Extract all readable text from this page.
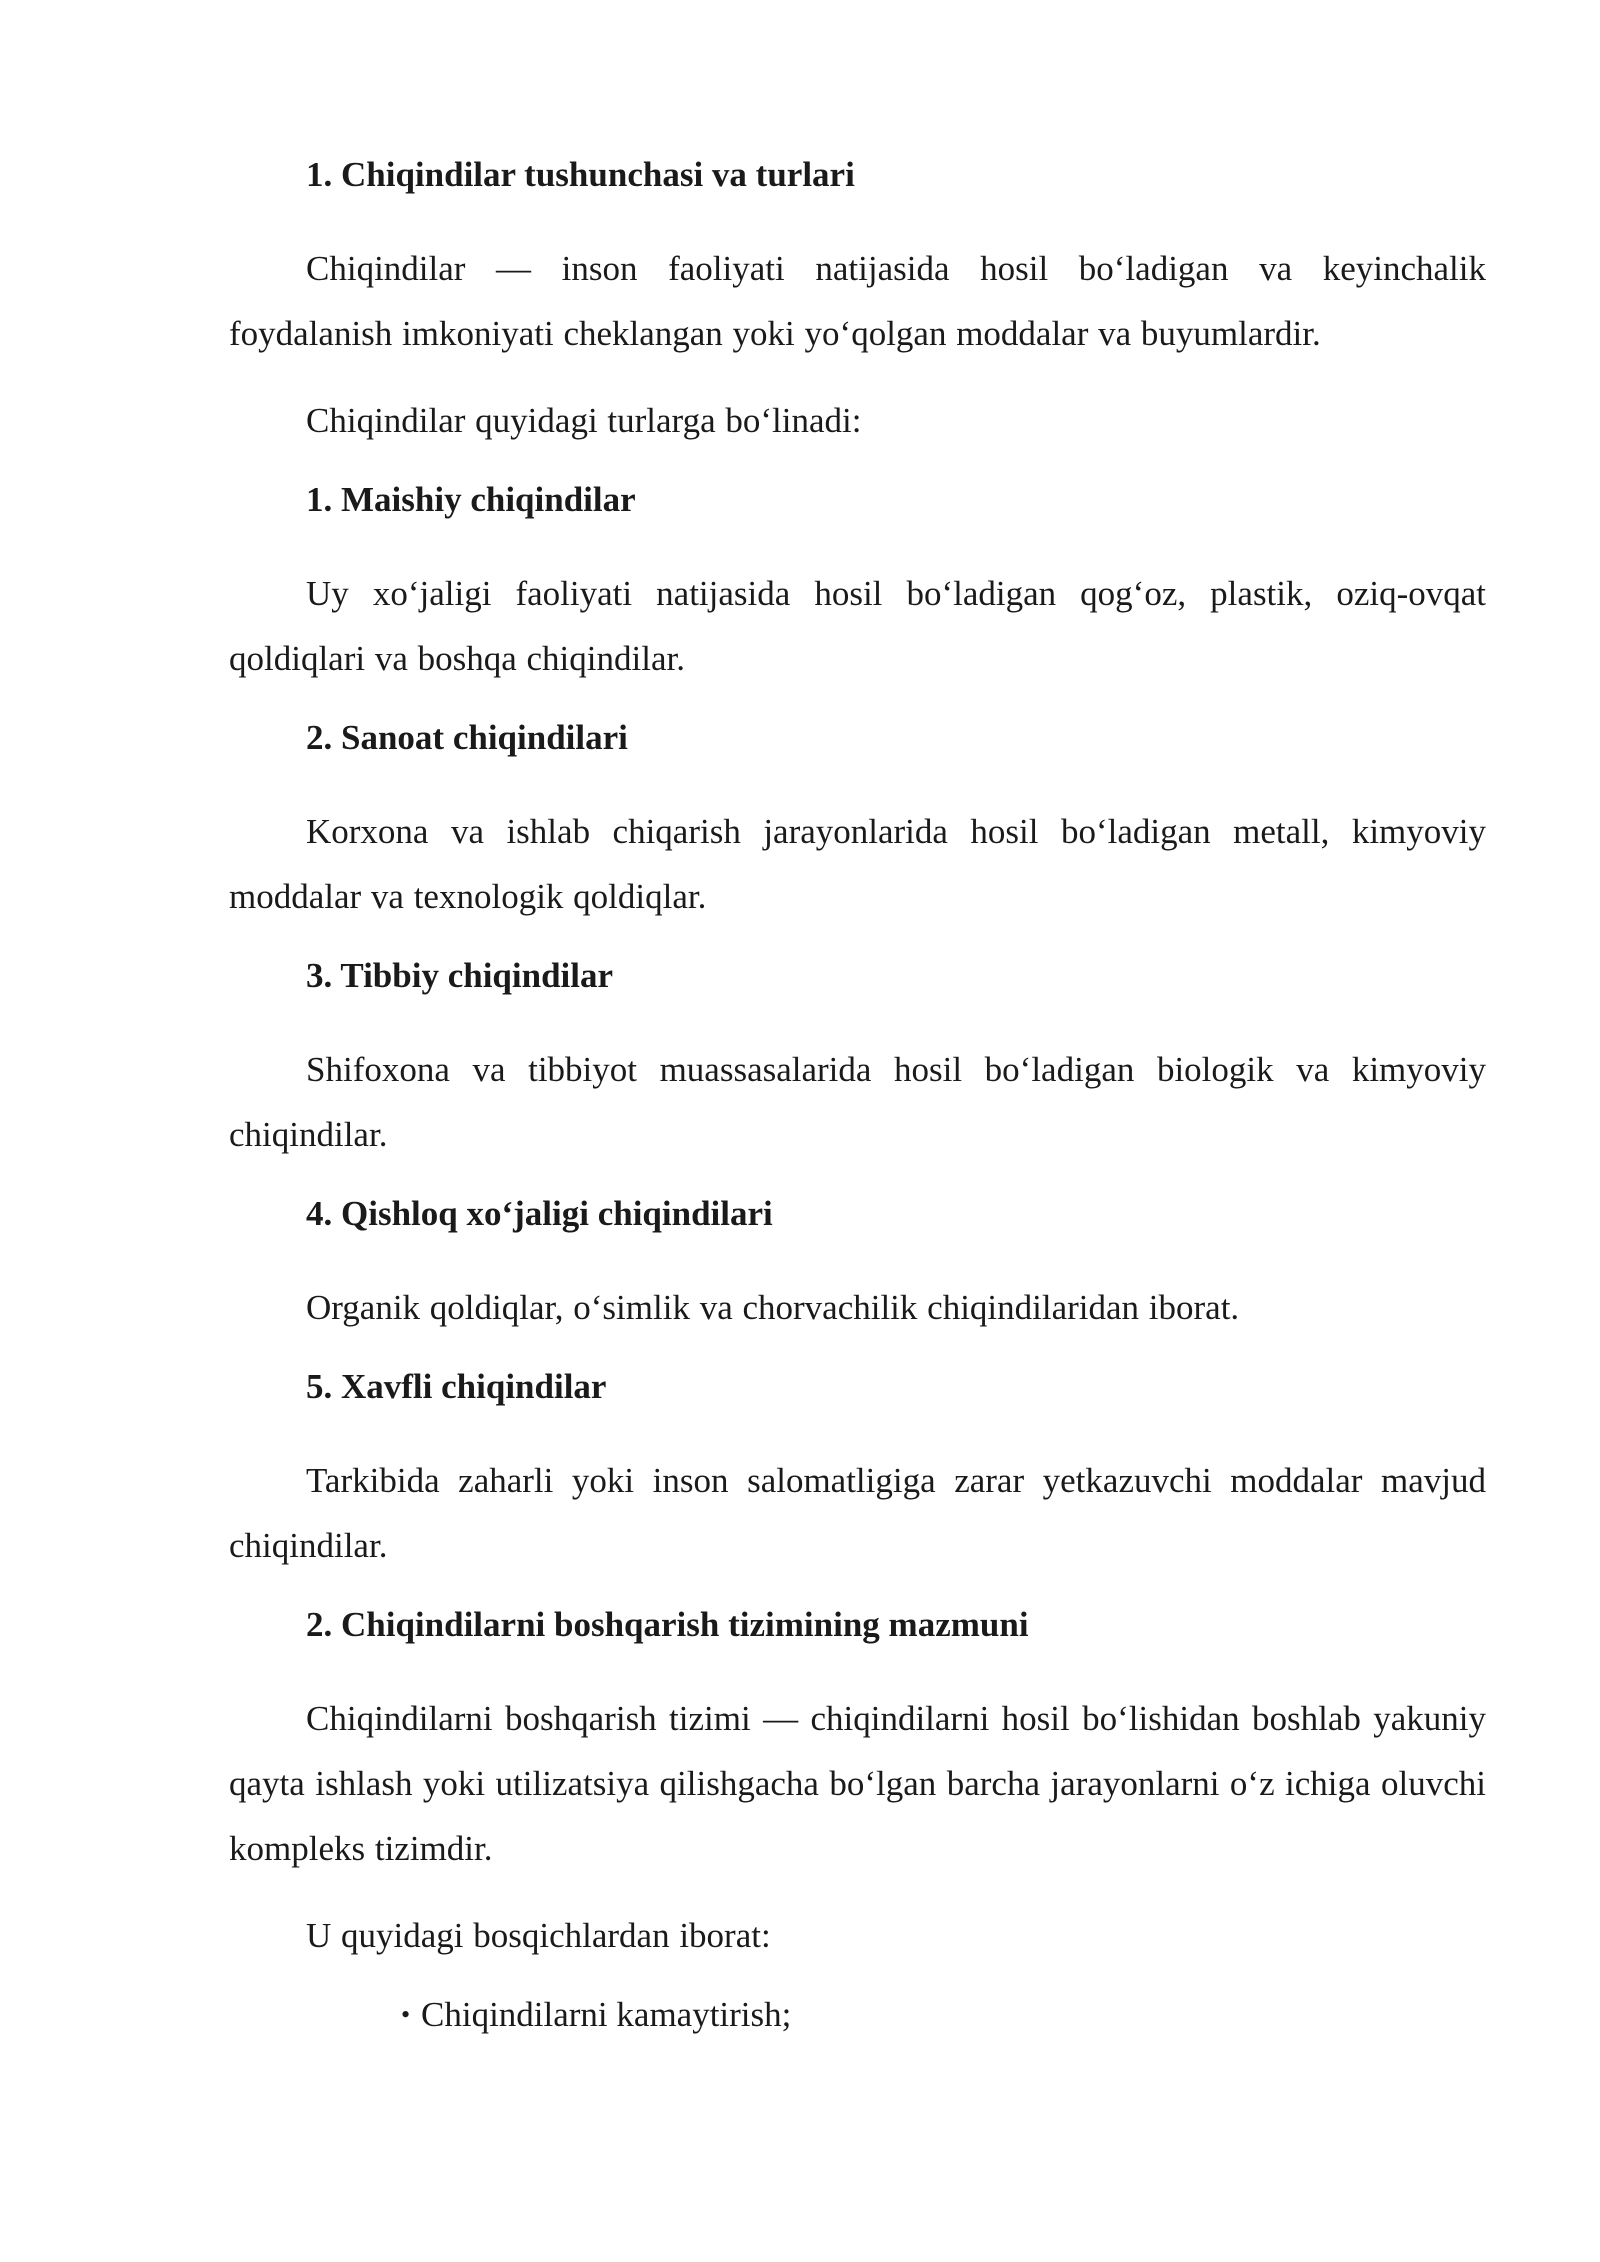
1. Chiqindilar tushunchasi va turlari

Chiqindilar — inson faoliyati natijasida hosil bo‘ladigan va keyinchalik foydalanish imkoniyati cheklangan yoki yo‘qolgan moddalar va buyumlardir.

Chiqindilar quyidagi turlarga bo‘linadi:

1. Maishiy chiqindilar

Uy xo‘jaligi faoliyati natijasida hosil bo‘ladigan qog‘oz, plastik, oziq-ovqat qoldiqlari va boshqa chiqindilar.

2. Sanoat chiqindilari

Korxona va ishlab chiqarish jarayonlarida hosil bo‘ladigan metall, kimyoviy moddalar va texnologik qoldiqlar.

3. Tibbiy chiqindilar

Shifoxona va tibbiyot muassasalarida hosil bo‘ladigan biologik va kimyoviy chiqindilar.

4. Qishloq xo‘jaligi chiqindilari

Organik qoldiqlar, o‘simlik va chorvachilik chiqindilaridan iborat.

5. Xavfli chiqindilar

Tarkibida zaharli yoki inson salomatligiga zarar yetkazuvchi moddalar mavjud chiqindilar.

2. Chiqindilarni boshqarish tizimining mazmuni

Chiqindilarni boshqarish tizimi — chiqindilarni hosil bo‘lishidan boshlab yakuniy qayta ishlash yoki utilizatsiya qilishgacha bo‘lgan barcha jarayonlarni o‘z ichiga oluvchi kompleks tizimdir.

U quyidagi bosqichlardan iborat:

• Chiqindilarni kamaytirish;
